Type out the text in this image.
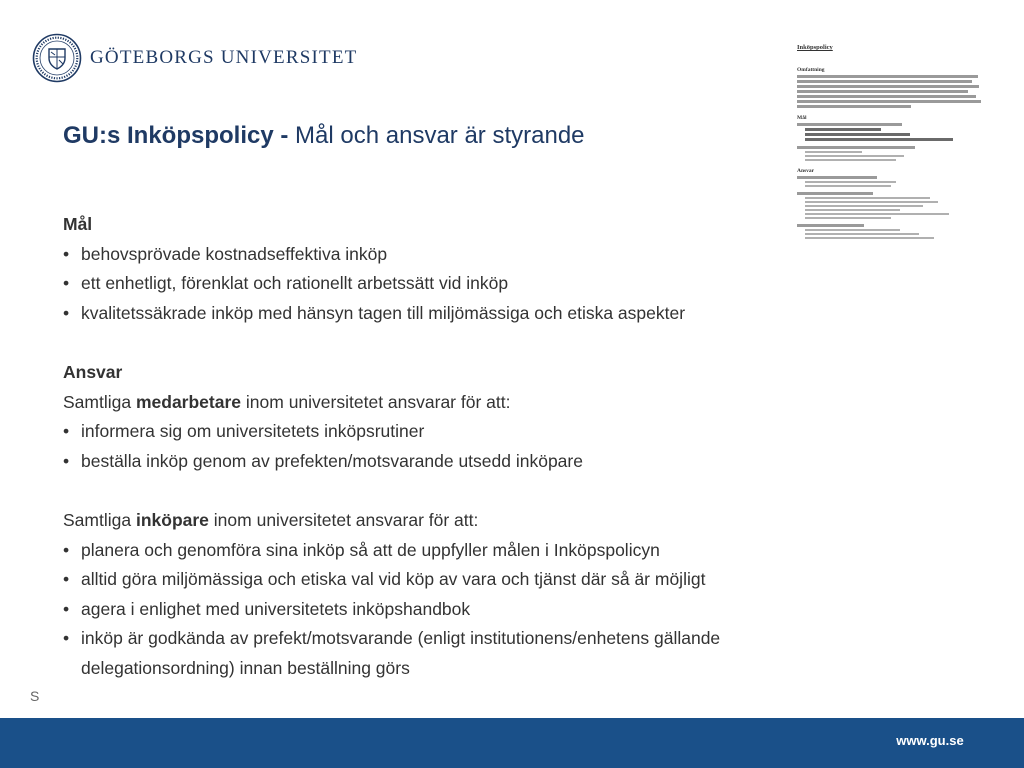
GÖTEBORGS UNIVERSITET
GU:s Inköpspolicy - Mål och ansvar är styrande
Mål
• behovsprövade kostnadseffektiva inköp
• ett enhetligt, förenklat och rationellt arbetssätt vid inköp
• kvalitetssäkrade inköp med hänsyn tagen till miljömässiga och etiska aspekter
Ansvar
Samtliga medarbetare inom universitetet ansvarar för att:
• informera sig om universitetets inköpsrutiner
• beställa inköp genom av prefekten/motsvarande utsedd inköpare
Samtliga inköpare inom universitetet ansvarar för att:
• planera och genomföra sina inköp så att de uppfyller målen i Inköpspolicyn
• alltid göra miljömässiga och etiska val vid köp av vara och tjänst där så är möjligt
• agera i enlighet med universitetets inköpshandbok
• inköp är godkända av prefekt/motsvarande (enligt institutionens/enhetens gällande
delegationsordning) innan beställning görs
Inköpspolicy
Omfattning
Mål
Ansvar
S
www.gu.se
